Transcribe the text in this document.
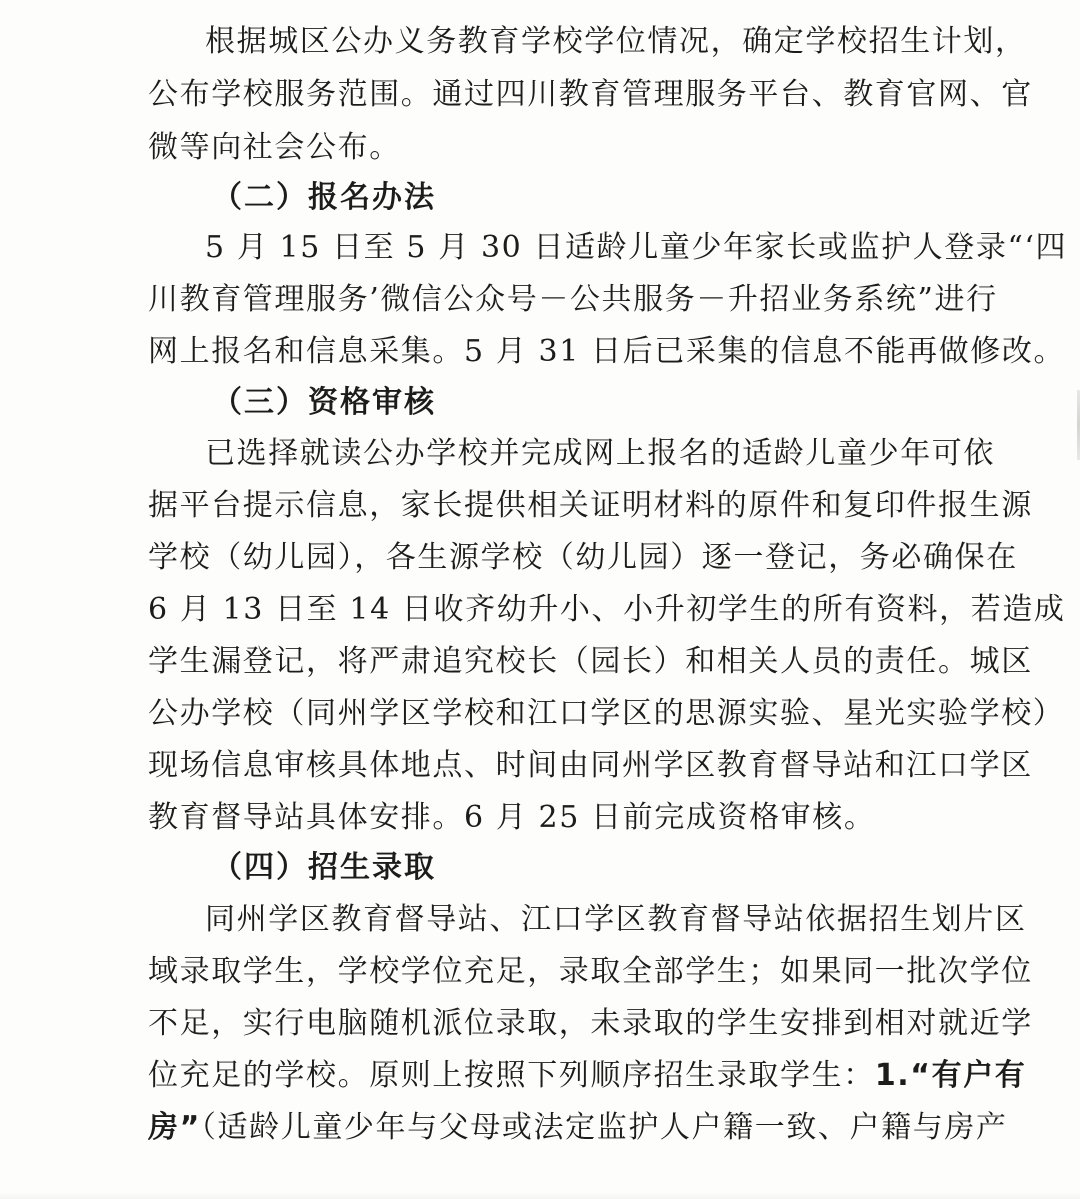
根据城区公办义务教育学校学位情况，确定学校招生计划，
公布学校服务范围。通过四川教育管理服务平台、教育官网、官
微等向社会公布。
（二）报名办法
5 月 15 日至 5 月 30 日适龄儿童少年家长或监护人登录“‘四
川教育管理服务’微信公众号－公共服务－升招业务系统”进行
网上报名和信息采集。5 月 31 日后已采集的信息不能再做修改。
（三）资格审核
已选择就读公办学校并完成网上报名的适龄儿童少年可依
据平台提示信息，家长提供相关证明材料的原件和复印件报生源
学校（幼儿园），各生源学校（幼儿园）逐一登记，务必确保在
6 月 13 日至 14 日收齐幼升小、小升初学生的所有资料，若造成
学生漏登记，将严肃追究校长（园长）和相关人员的责任。城区
公办学校（同州学区学校和江口学区的思源实验、星光实验学校）
现场信息审核具体地点、时间由同州学区教育督导站和江口学区
教育督导站具体安排。6 月 25 日前完成资格审核。
（四）招生录取
同州学区教育督导站、江口学区教育督导站依据招生划片区
域录取学生，学校学位充足，录取全部学生；如果同一批次学位
不足，实行电脑随机派位录取，未录取的学生安排到相对就近学
位充足的学校。原则上按照下列顺序招生录取学生：1.“有户有
房”（适龄儿童少年与父母或法定监护人户籍一致、户籍与房产
